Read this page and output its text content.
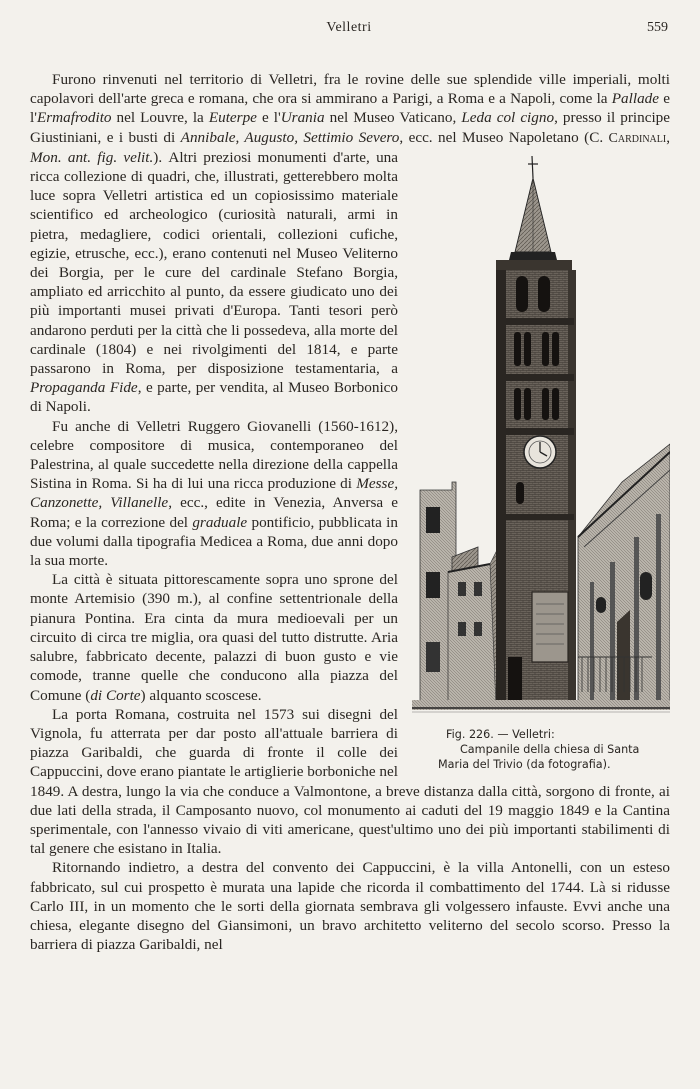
Velletri	559

Furono rinvenuti nel territorio di Velletri, fra le rovine delle sue splendide ville imperiali, molti capolavori dell'arte greca e romana, che ora si ammirano a Parigi, a Roma e a Napoli, come la Pallade e l'Ermafrodito nel Louvre, la Euterpe e l'Urania nel Museo Vaticano, Leda col cigno, presso il principe Giustiniani, e i busti di Annibale, Augusto, Settimio Severo, ecc. nel Museo Napoletano (C. Cardinali, Mon. ant. fig. velit.).
Fig. 226. — Velletri:
Campanile della chiesa di Santa Maria del Trivio (da fotografia).
Altri preziosi monumenti d'arte, una ricca collezione di quadri, che, illustrati, getterebbero molta luce sopra Velletri artistica ed un copiosissimo materiale scientifico ed archeologico (curiosità naturali, armi in pietra, medagliere, codici orientali, collezioni cufiche, egizie, etrusche, ecc.), erano contenuti nel Museo Veliterno dei Borgia, per le cure del cardinale Stefano Borgia, ampliato ed arricchito al punto, da essere giudicato uno dei più importanti musei privati d'Europa. Tanti tesori però andarono perduti per la città che li possedeva, alla morte del cardinale (1804) e nei rivolgimenti del 1814, e parte passarono in Roma, per disposizione testamentaria, a Propaganda Fide, e parte, per vendita, al Museo Borbonico di Napoli.

Fu anche di Velletri Ruggero Giovanelli (1560-1612), celebre compositore di musica, contemporaneo del Palestrina, al quale succedette nella direzione della cappella Sistina in Roma. Si ha di lui una ricca produzione di Messe, Canzonette, Villanelle, ecc., edite in Venezia, Anversa e Roma; e la correzione del graduale pontificio, pubblicata in due volumi dalla tipografia Medicea a Roma, due anni dopo la sua morte.

La città è situata pittorescamente sopra uno sprone del monte Artemisio (390 m.), al confine settentrionale della pianura Pontina. Era cinta da mura medioevali per un circuito di circa tre miglia, ora quasi del tutto distrutte. Aria salubre, fabbricato decente, palazzi di buon gusto e vie comode, tranne quelle che conducono alla piazza del Comune (di Corte) alquanto scoscese.

La porta Romana, costruita nel 1573 sui disegni del Vignola, fu atterrata per dar posto all'attuale barriera di piazza Garibaldi, che guarda di fronte il colle dei Cappuccini, dove erano piantate le artiglierie borboniche nel 1849. A destra, lungo la via che conduce a Valmontone, a breve distanza dalla città, sorgono di fronte, ai due lati della strada, il Camposanto nuovo, col monumento ai caduti del 19 maggio 1849 e la Cantina sperimentale, con l'annesso vivaio di viti americane, quest'ultimo uno dei più importanti stabilimenti di tal genere che esistano in Italia.

Ritornando indietro, a destra del convento dei Cappuccini, è la villa Antonelli, con un esteso fabbricato, sul cui prospetto è murata una lapide che ricorda il combattimento del 1744. Là si ridusse Carlo III, in un momento che le sorti della giornata sembrava gli volgessero infauste. Evvi anche una chiesa, elegante disegno del Giansimoni, un bravo architetto veliterno del secolo scorso. Presso la barriera di piazza Garibaldi, nel
